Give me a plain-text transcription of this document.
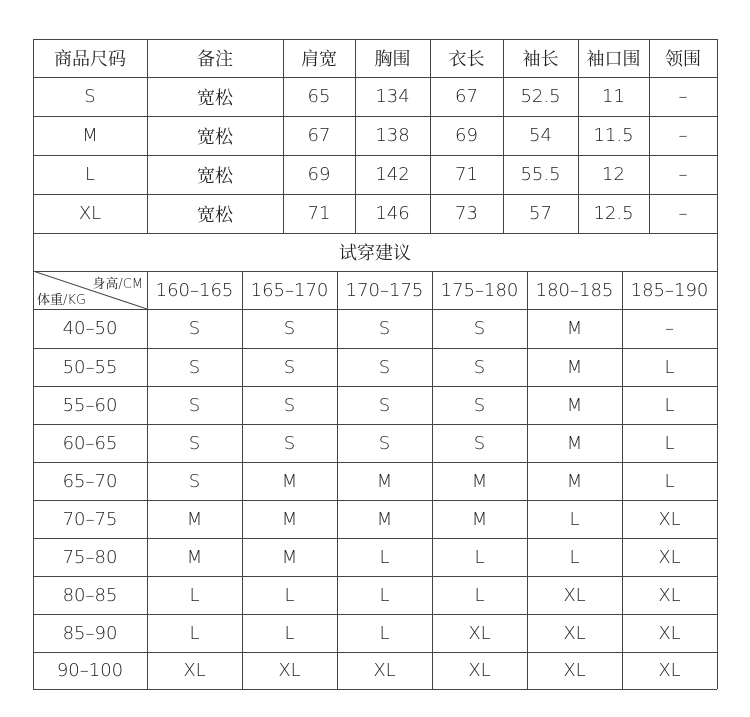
商品尺码	备注	肩宽	胸围	衣长	袖长	袖口围	领围
S	宽松	65	134	67	52.5	11	–
M	宽松	67	138	69	54	11.5	–
L	宽松	69	142	71	55.5	12	–
XL	宽松	71	146	73	57	12.5	–
试穿建议
160–165 165–170 170–175 175–180 180–185 185–190
身高/CM
体重/KG
40–50	S	S	S	S	M	–
50–55	S	S	S	S	M	L
55–60	S	S	S	S	M	L
60–65	S	S	S	S	M	L
65–70	S	M	M	M	M	L
70–75	M	M	M	M	L	XL
75–80	M	M	L	L	L	XL
80–85	L	L	L	L	XL	XL
85–90	L	L	L	XL	XL	XL
90–100	XL	XL	XL	XL	XL	XL
